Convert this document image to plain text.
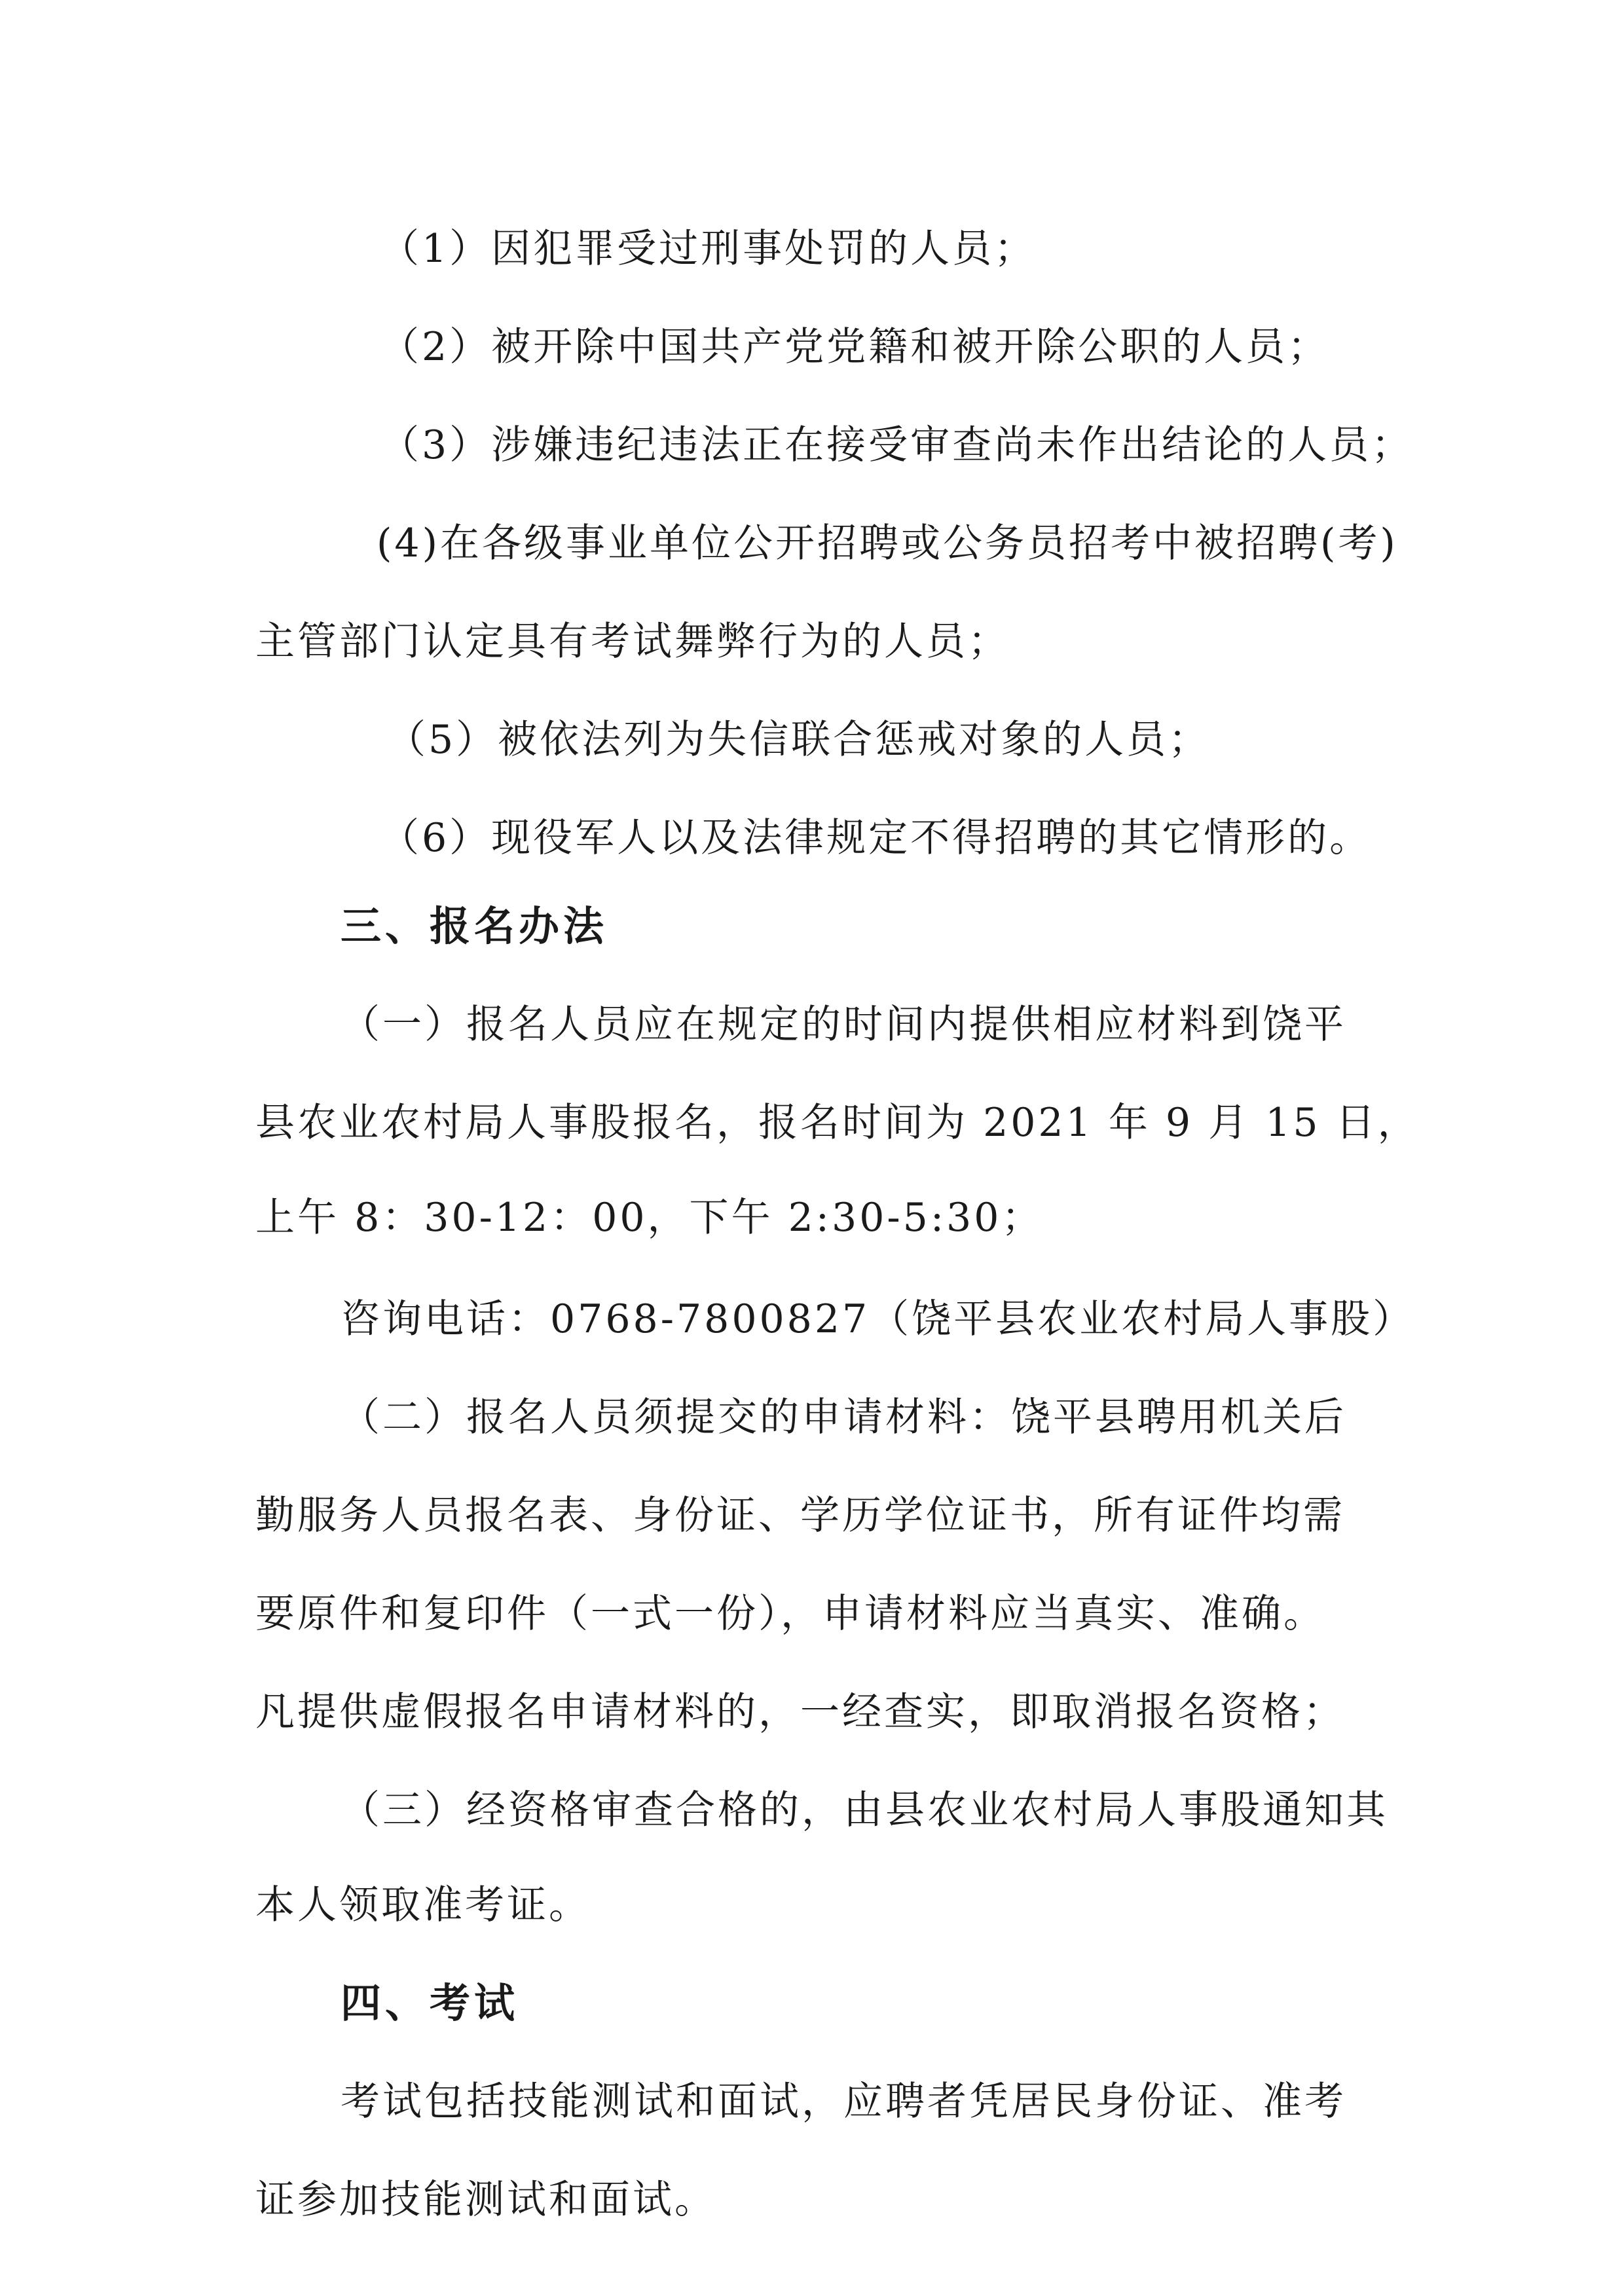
（1）因犯罪受过刑事处罚的人员；
（2）被开除中国共产党党籍和被开除公职的人员；
（3）涉嫌违纪违法正在接受审查尚未作出结论的人员；
(4)在各级事业单位公开招聘或公务员招考中被招聘(考)
主管部门认定具有考试舞弊行为的人员；
（5）被依法列为失信联合惩戒对象的人员；
（6）现役军人以及法律规定不得招聘的其它情形的。
三、报名办法
（一）报名人员应在规定的时间内提供相应材料到饶平
县农业农村局人事股报名，报名时间为 2021 年 9 月 15 日，
上午 8：30-12：00，下午 2:30-5:30；
咨询电话：0768-7800827（饶平县农业农村局人事股）
（二）报名人员须提交的申请材料：饶平县聘用机关后
勤服务人员报名表、身份证、学历学位证书，所有证件均需
要原件和复印件（一式一份），申请材料应当真实、准确。
凡提供虚假报名申请材料的，一经查实，即取消报名资格；
（三）经资格审查合格的，由县农业农村局人事股通知其
本人领取准考证。
四、考试
考试包括技能测试和面试，应聘者凭居民身份证、准考
证参加技能测试和面试。
